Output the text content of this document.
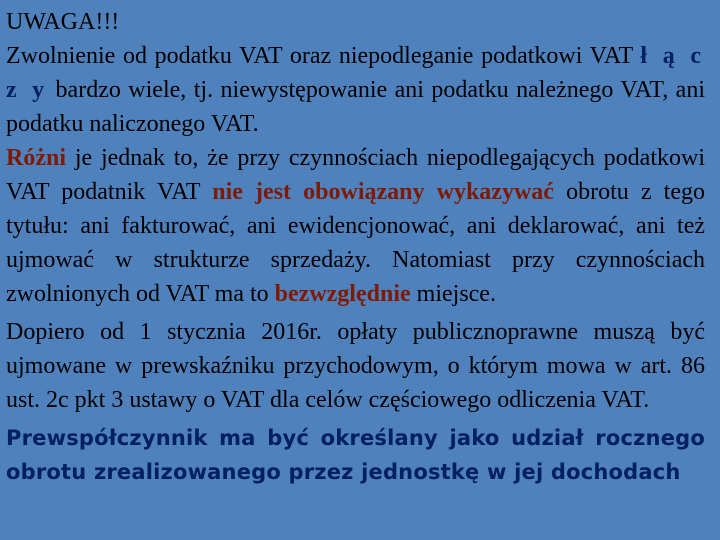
UWAGA!!!
Zwolnienie od podatku VAT oraz niepodleganie podatkowi VAT ł ą c z y bardzo wiele, tj. niewystępowanie ani podatku należnego VAT, ani podatku naliczonego VAT.
Różni je jednak to, że przy czynnościach niepodlegających podatkowi VAT podatnik VAT nie jest obowiązany wykazywać obrotu z tego tytułu: ani fakturować, ani ewidencjonować, ani deklarować, ani też ujmować w strukturze sprzedaży. Natomiast przy czynnościach zwolnionych od VAT ma to bezwzględnie miejsce.
Dopiero od 1 stycznia 2016r. opłaty publicznoprawne muszą być ujmowane w prewskaźniku przychodowym, o którym mowa w art. 86 ust. 2c pkt 3 ustawy o VAT dla celów częściowego odliczenia VAT.
Prewspółczynnik ma być określany jako udział rocznego obrotu zrealizowanego przez jednostkę w jej dochodach
